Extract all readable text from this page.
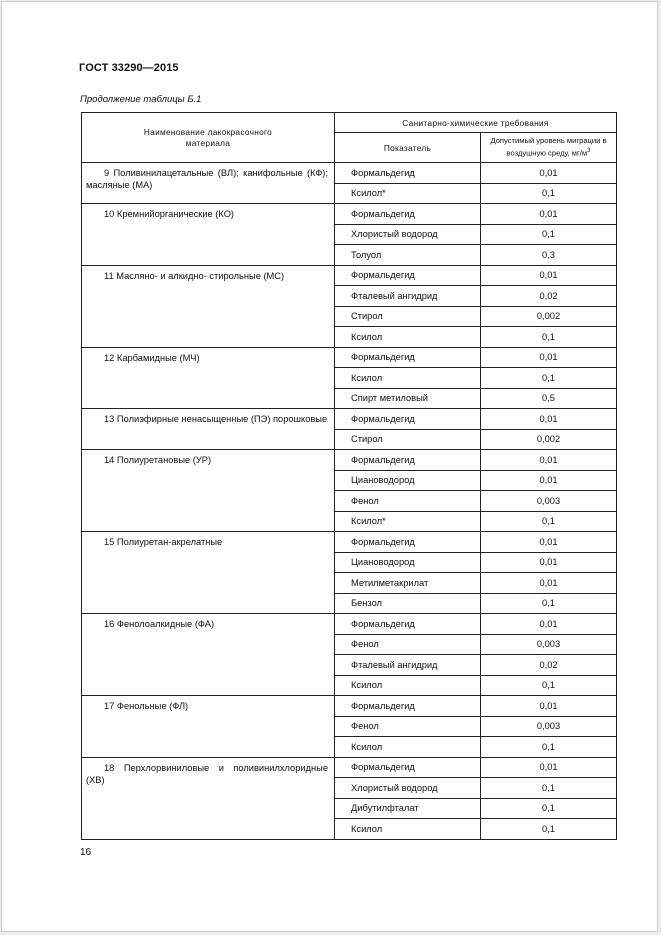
ГОСТ 33290—2015
Продолжение таблицы Б.1
Наименование лакокрасочного материала	Санитарно-химические требования	
	Показатель	Допустимый уровень миграции в воздушную среду, $мг/м^3$

9 Поливинилацетальные (ВЛ); канифольные (КФ); масляные (МА)	Формальдегид	0,01
	Ксилол*	0,1

10 Кремнийорганические (КО)	Формальдегид	0,01
	Хлористый водород	0,1
	Толуол	0,3

11 Масляно- и алкидно- стирольные (МС)	Формальдегид	0,01
	Фталевый ангидрид	0,02
	Стирол	0,002
	Ксилол	0,1

12 Карбамидные (МЧ)	Формальдегид	0,01
	Ксилол	0,1
	Спирт метиловый	0,5

13 Полиэфирные ненасыщенные (ПЭ) порошковые	Формальдегид	0,01
	Стирол	0,002

14 Полиуретановые (УР)	Формальдегид	0,01
	Циановодород	0,01
	Фенол	0,003
	Ксилол*	0,1

15 Полиуретан-акрелатные	Формальдегид	0,01
	Циановодород	0,01
	Метилметакрилат	0,01
	Бензол	0,1

16 Фенолоалкидные (ФА)	Формальдегид	0,01
	Фенол	0,003
	Фталевый ангидрид	0,02
	Ксилол	0,1

17 Фенольные (ФЛ)	Формальдегид	0,01
	Фенол	0,003
	Ксилол	0,1

18 Перхлорвиниловые и поливинилхлоридные (ХВ)	Формальдегид	0,01
	Хлористый водород	0,1
	Дибутилфталат	0,1
	Ксилол	0,1
16
